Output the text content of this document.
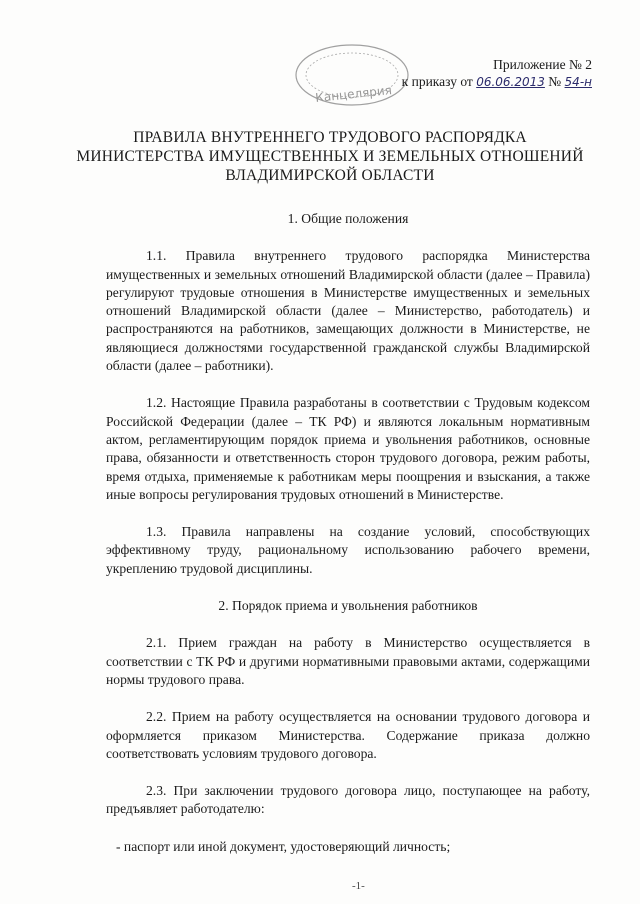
Канцелярия
Приложение № 2
к приказу от 06.06.2013 № 54-н
ПРАВИЛА ВНУТРЕННЕГО ТРУДОВОГО РАСПОРЯДКА
МИНИСТЕРСТВА ИМУЩЕСТВЕННЫХ И ЗЕМЕЛЬНЫХ ОТНОШЕНИЙ
ВЛАДИМИРСКОЙ ОБЛАСТИ
1. Общие положения

1.1. Правила внутреннего трудового распорядка Министерства имущественных и земельных отношений Владимирской области (далее – Правила) регулируют трудовые отношения в Министерстве имущественных и земельных отношений Владимирской области (далее – Министерство, работодатель) и распространяются на работников, замещающих должности в Министерстве, не являющиеся должностями государственной гражданской службы Владимирской области (далее – работники).

1.2. Настоящие Правила разработаны в соответствии с Трудовым кодексом Российской Федерации (далее – ТК РФ) и являются локальным нормативным актом, регламентирующим порядок приема и увольнения работников, основные права, обязанности и ответственность сторон трудового договора, режим работы, время отдыха, применяемые к работникам меры поощрения и взыскания, а также иные вопросы регулирования трудовых отношений в Министерстве.

1.3. Правила направлены на создание условий, способствующих эффективному труду, рациональному использованию рабочего времени, укреплению трудовой дисциплины.

2. Порядок приема и увольнения работников

2.1. Прием граждан на работу в Министерство осуществляется в соответствии с ТК РФ и другими нормативными правовыми актами, содержащими нормы трудового права.

2.2. Прием на работу осуществляется на основании трудового договора и оформляется приказом Министерства. Содержание приказа должно соответствовать условиям трудового договора.

2.3. При заключении трудового договора лицо, поступающее на работу, предъявляет работодателю:

- паспорт или иной документ, удостоверяющий личность;

-1-
